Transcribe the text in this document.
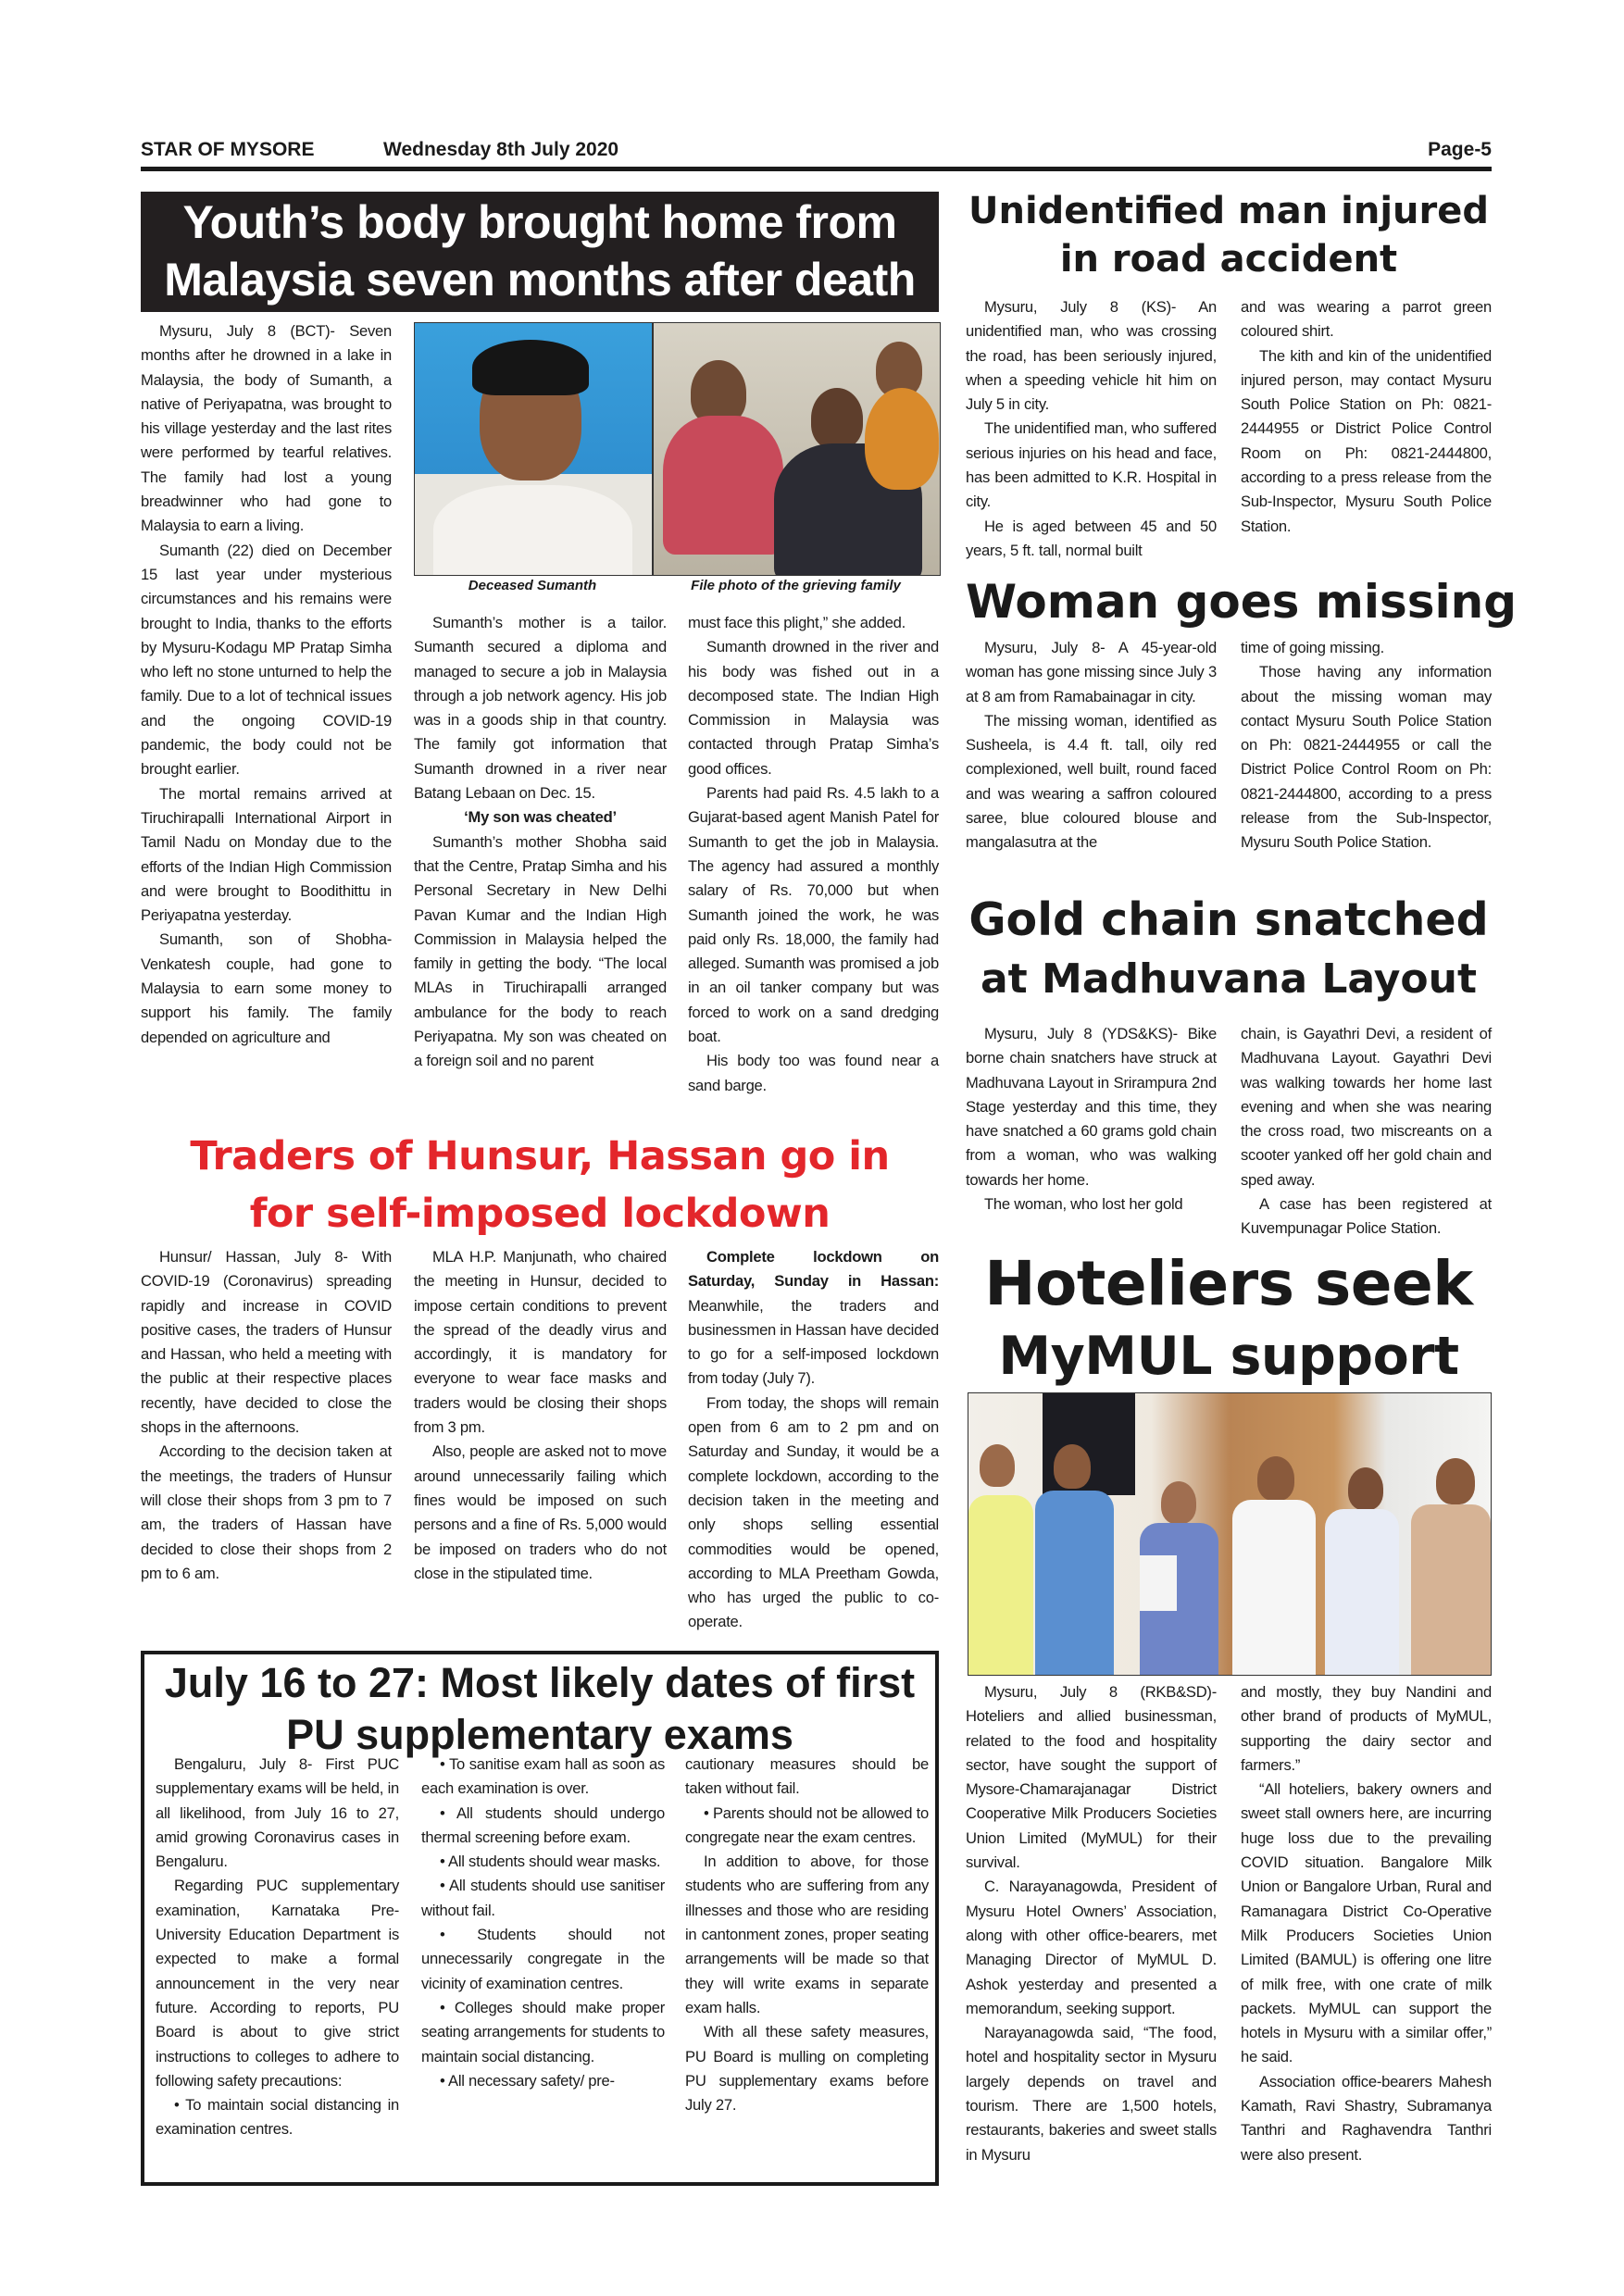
STAR OF MYSORE	Wednesday 8th July 2020	Page-5
Youth’s body brought home from
Malaysia seven months after death
Deceased Sumanth	File photo of the grieving family

Mysuru, July 8 (BCT)- Seven months after he drowned in a lake in Malaysia, the body of Sumanth, a native of Periyapatna, was brought to his village yesterday and the last rites were performed by tearful relatives. The family had lost a young breadwinner who had gone to Malaysia to earn a living.

Sumanth (22) died on December 15 last year under mysterious circumstances and his remains were brought to India, thanks to the efforts by Mysuru-Kodagu MP Pratap Simha who left no stone unturned to help the family. Due to a lot of technical issues and the ongoing COVID-19 pandemic, the body could not be brought earlier.

The mortal remains arrived at Tiruchirapalli International Airport in Tamil Nadu on Monday due to the efforts of the Indian High Commission and were brought to Boodithittu in Periyapatna yesterday.

Sumanth, son of Shobha-Venkatesh couple, had gone to Malaysia to earn some money to support his family. The family depended on agriculture and

Sumanth’s mother is a tailor. Sumanth secured a diploma and managed to secure a job in Malaysia through a job network agency. His job was in a goods ship in that country. The family got information that Sumanth drowned in a river near Batang Lebaan on Dec. 15.

‘My son was cheated’

Sumanth’s mother Shobha said that the Centre, Pratap Simha and his Personal Secretary in New Delhi Pavan Kumar and the Indian High Commission in Malaysia helped the family in getting the body. “The local MLAs in Tiruchirapalli arranged ambulance for the body to reach Periyapatna. My son was cheated on a foreign soil and no parent

must face this plight,” she added.

Sumanth drowned in the river and his body was fished out in a decomposed state. The Indian High Commission in Malaysia was contacted through Pratap Simha’s good offices.

Parents had paid Rs. 4.5 lakh to a Gujarat-based agent Manish Patel for Sumanth to get the job in Malaysia. The agency had assured a monthly salary of Rs. 70,000 but when Sumanth joined the work, he was paid only Rs. 18,000, the family had alleged. Sumanth was promised a job in an oil tanker company but was forced to work on a sand dredging boat.

His body too was found near a sand barge.

Traders of Hunsur, Hassan go in
for self-imposed lockdown

Hunsur/ Hassan, July 8- With COVID-19 (Coronavirus) spreading rapidly and increase in COVID positive cases, the traders of Hunsur and Hassan, who held a meeting with the public at their respective places recently, have decided to close the shops in the afternoons.

According to the decision taken at the meetings, the traders of Hunsur will close their shops from 3 pm to 7 am, the traders of Hassan have decided to close their shops from 2 pm to 6 am.

MLA H.P. Manjunath, who chaired the meeting in Hunsur, decided to impose certain conditions to prevent the spread of the deadly virus and accordingly, it is mandatory for everyone to wear face masks and traders would be closing their shops from 3 pm.

Also, people are asked not to move around unnecessarily failing which fines would be imposed on such persons and a fine of Rs. 5,000 would be imposed on traders who do not close in the stipulated time.

Complete lockdown on Saturday, Sunday in Hassan: Meanwhile, the traders and businessmen in Hassan have decided to go for a self-imposed lockdown from today (July 7).

From today, the shops will remain open from 6 am to 2 pm and on Saturday and Sunday, it would be a complete lockdown, according to the decision taken in the meeting and only shops selling essential commodities would be opened, according to MLA Preetham Gowda, who has urged the public to co-operate.

July 16 to 27: Most likely dates of first
PU supplementary exams

Bengaluru, July 8- First PUC supplementary exams will be held, in all likelihood, from July 16 to 27, amid growing Coronavirus cases in Bengaluru.

Regarding PUC supplementary examination, Karnataka Pre-University Education Department is expected to make a formal announcement in the very near future. According to reports, PU Board is about to give strict instructions to colleges to adhere to following safety precautions:

• To maintain social distancing in examination centres.

• To sanitise exam hall as soon as each examination is over.

• All students should undergo thermal screening before exam.

• All students should wear masks.

• All students should use sanitiser without fail.

• Students should not unnecessarily congregate in the vicinity of examination centres.

• Colleges should make proper seating arrangements for students to maintain social distancing.

• All necessary safety/ pre-

cautionary measures should be taken without fail.

• Parents should not be allowed to congregate near the exam centres.

In addition to above, for those students who are suffering from any illnesses and those who are residing in cantonment zones, proper seating arrangements will be made so that they will write exams in separate exam halls.

With all these safety measures, PU Board is mulling on completing PU supplementary exams before July 27.

Unidentified man injured
in road accident

Mysuru, July 8 (KS)- An unidentified man, who was crossing the road, has been seriously injured, when a speeding vehicle hit him on July 5 in city.

The unidentified man, who suffered serious injuries on his head and face, has been admitted to K.R. Hospital in city.

He is aged between 45 and 50 years, 5 ft. tall, normal built

and was wearing a parrot green coloured shirt.

The kith and kin of the unidentified injured person, may contact Mysuru South Police Station on Ph: 0821-2444955 or District Police Control Room on Ph: 0821-2444800, according to a press release from the Sub-Inspector, Mysuru South Police Station.

Woman goes missing

Mysuru, July 8- A 45-year-old woman has gone missing since July 3 at 8 am from Ramabainagar in city.

The missing woman, identified as Susheela, is 4.4 ft. tall, oily red complexioned, well built, round faced and was wearing a saffron coloured saree, blue coloured blouse and mangalasutra at the

time of going missing.

Those having any information about the missing woman may contact Mysuru South Police Station on Ph: 0821-2444955 or call the District Police Control Room on Ph: 0821-2444800, according to a press release from the Sub-Inspector, Mysuru South Police Station.

Gold chain snatched
at Madhuvana Layout

Mysuru, July 8 (YDS&KS)- Bike borne chain snatchers have struck at Madhuvana Layout in Srirampura 2nd Stage yesterday and this time, they have snatched a 60 grams gold chain from a woman, who was walking towards her home.

The woman, who lost her gold

chain, is Gayathri Devi, a resident of Madhuvana Layout. Gayathri Devi was walking towards her home last evening and when she was nearing the cross road, two miscreants on a scooter yanked off her gold chain and sped away.

A case has been registered at Kuvempunagar Police Station.

Hoteliers seek
MyMUL support

Mysuru, July 8 (RKB&SD)- Hoteliers and allied businessman, related to the food and hospitality sector, have sought the support of Mysore-Chamarajanagar District Cooperative Milk Producers Societies Union Limited (MyMUL) for their survival.

C. Narayanagowda, President of Mysuru Hotel Owners’ Association, along with other office-bearers, met Managing Director of MyMUL D. Ashok yesterday and presented a memorandum, seeking support.

Narayanagowda said, “The food, hotel and hospitality sector in Mysuru largely depends on travel and tourism. There are 1,500 hotels, restaurants, bakeries and sweet stalls in Mysuru

and mostly, they buy Nandini and other brand of products of MyMUL, supporting the dairy sector and farmers.”

“All hoteliers, bakery owners and sweet stall owners here, are incurring huge loss due to the prevailing COVID situation. Bangalore Milk Union or Bangalore Urban, Rural and Ramanagara District Co-Operative Milk Producers Societies Union Limited (BAMUL) is offering one litre of milk free, with one crate of milk packets. MyMUL can support the hotels in Mysuru with a similar offer,” he said.

Association office-bearers Mahesh Kamath, Ravi Shastry, Subramanya Tanthri and Raghavendra Tanthri were also present.
